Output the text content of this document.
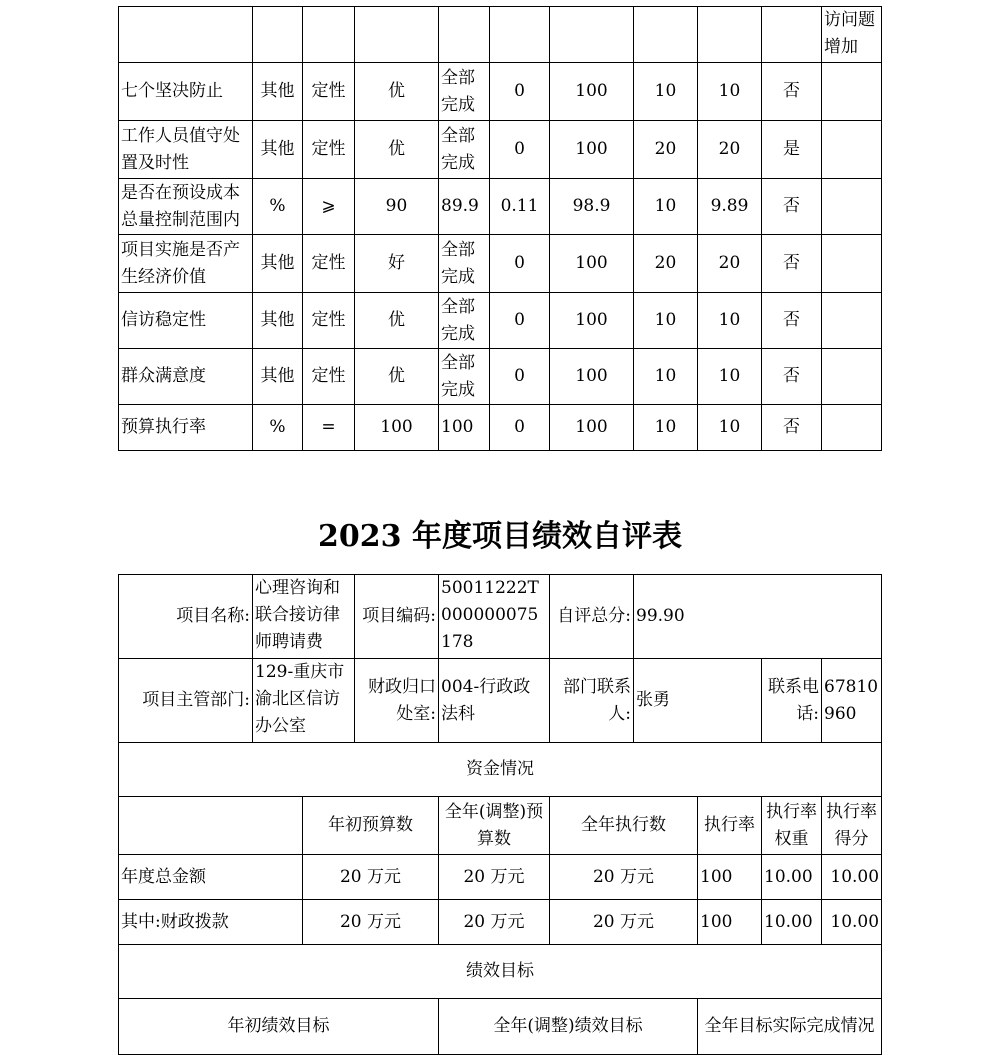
										访问题增加
七个坚决防止	其他	定性	优	全部完成	0	100	10	10	否	
工作人员值守处置及时性	其他	定性	优	全部完成	0	100	20	20	是	
是否在预设成本总量控制范围内	%	⩾	90	89.9	0.11	98.9	10	9.89	否	
项目实施是否产生经济价值	其他	定性	好	全部完成	0	100	20	20	否	
信访稳定性	其他	定性	优	全部完成	0	100	10	10	否	
群众满意度	其他	定性	优	全部完成	0	100	10	10	否	
预算执行率	%	=	100	100	0	100	10	10	否	
2023 年度项目绩效自评表
项目名称:	心理咨询和联合接访律师聘请费		项目编码:	50011222T000000075178	自评总分:	99.90			
项目主管部门:	129-重庆市渝北区信访办公室		财政归口处室:	004-行政政法科	部门联系人:	张勇		联系电话:	67810960
资金情况									
		年初预算数		全年(调整)预算数	全年执行数		执行率	执行率权重	执行率得分
年度总金额		20 万元		20 万元	20 万元		100	10.00	10.00
其中:财政拨款		20 万元		20 万元	20 万元		100	10.00	10.00
绩效目标									
年初绩效目标				全年(调整)绩效目标			全年目标实际完成情况		
